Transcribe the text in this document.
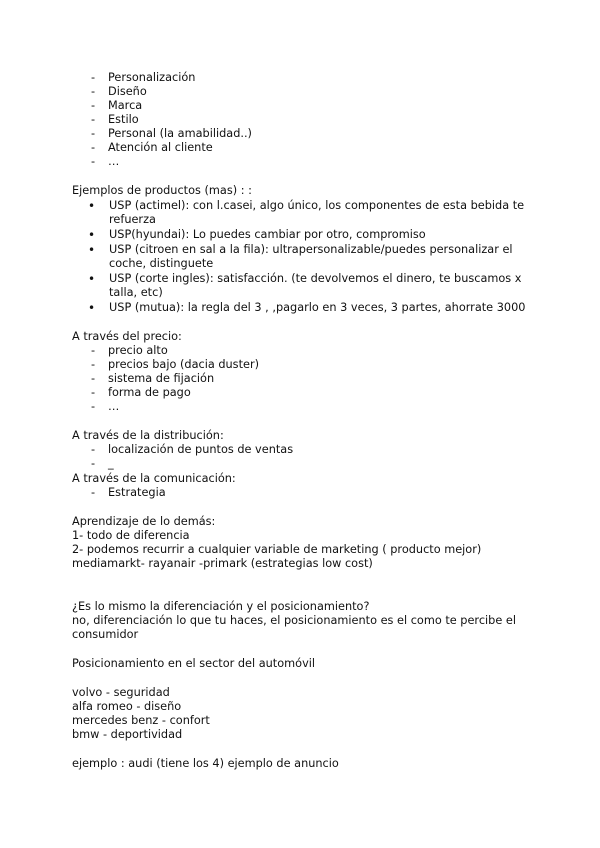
- Personalización
- Diseño
- Marca
- Estilo
- Personal (la amabilidad..)
- Atención al cliente
- …
Ejemplos de productos (mas) : :
• USP (actimel): con l.casei, algo único, los componentes de esta bebida te
refuerza
• USP(hyundai): Lo puedes cambiar por otro, compromiso
• USP (citroen en sal a la fila): ultrapersonalizable/puedes personalizar el
coche, distinguete
• USP (corte ingles): satisfacción. (te devolvemos el dinero, te buscamos x
talla, etc)
• USP (mutua): la regla del 3 , ,pagarlo en 3 veces, 3 partes, ahorrate 3000
A través del precio:
- precio alto
- precios bajo (dacia duster)
- sistema de fijación
- forma de pago
- …
A través de la distribución:
- localización de puntos de ventas
- _
A través de la comunicación:
- Estrategia
Aprendizaje de lo demás:
1- todo de diferencia
2- podemos recurrir a cualquier variable de marketing ( producto mejor)
mediamarkt- rayanair -primark (estrategias low cost)
¿Es lo mismo la diferenciación y el posicionamiento?
no, diferenciación lo que tu haces, el posicionamiento es el como te percibe el
consumidor
Posicionamiento en el sector del automóvil
volvo - seguridad
alfa romeo - diseño
mercedes benz - confort
bmw - deportividad
ejemplo : audi (tiene los 4) ejemplo de anuncio
